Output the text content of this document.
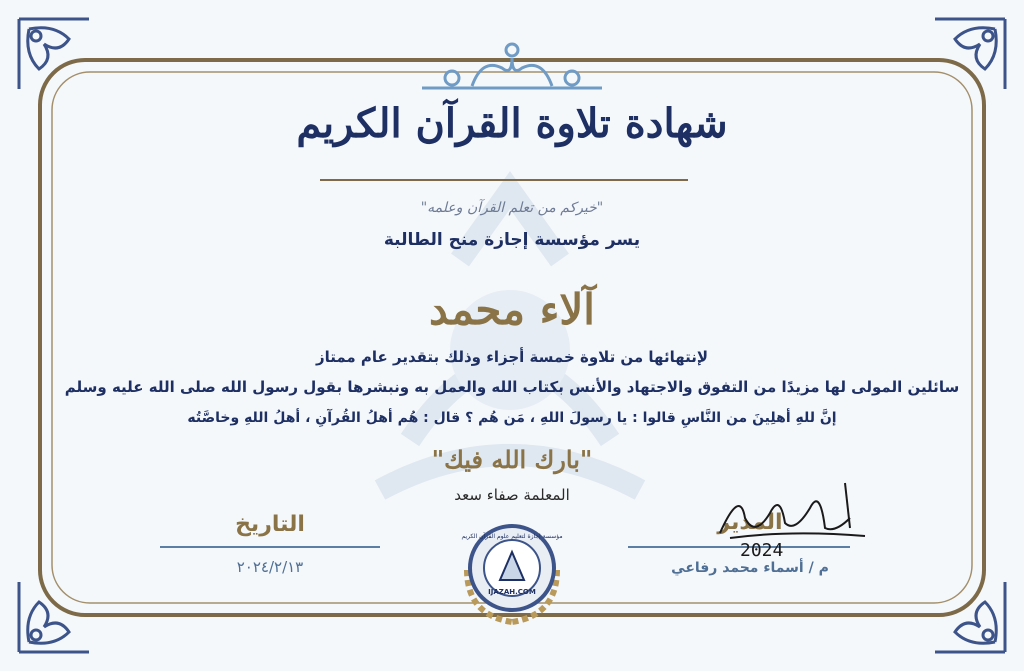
شهادة تلاوة القرآن الكريم
"خيركم من تعلم القرآن وعلمه"
يسر مؤسسة إجازة منح الطالبة
آلاء محمد
لإنتهائها من تلاوة خمسة أجزاء وذلك بتقدير عام ممتاز
سائلين المولى لها مزيدًا من التفوق والاجتهاد والأنس بكتاب الله والعمل به ونبشرها بقول رسول الله صلى الله عليه وسلم
إنَّ للهِ أهلِينَ من النَّاسِ قالوا : يا رسولَ اللهِ ، مَن هُم ؟ قال : هُم أهلُ القُرآنِ ، أهلُ اللهِ وخاصَّتُه
"بارك الله فيك"
المعلمة صفاء سعد
التاريخ
٢٠٢٤/٢/١٣
المدير
م / أسماء محمد رفاعي
2024
مؤسسة إجازة لتعليم علوم القرآن الكريم
IJAZAH.COM
